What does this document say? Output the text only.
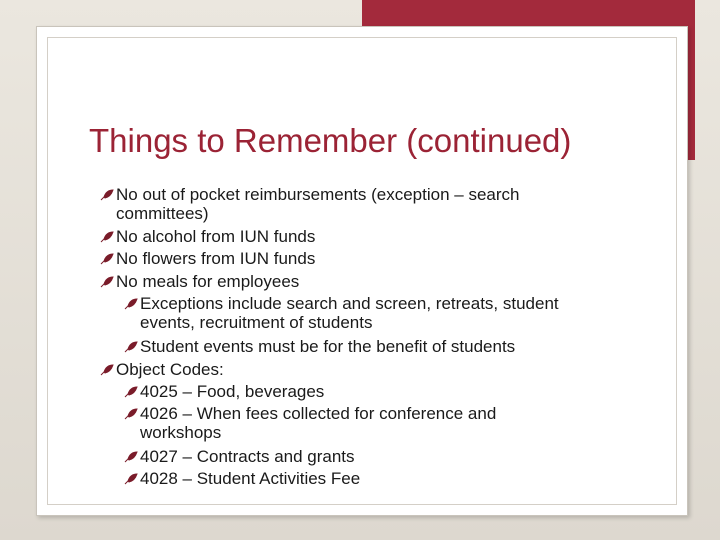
Things to Remember (continued)
No out of pocket reimbursements (exception – search
committees)
No alcohol from IUN funds
No flowers from IUN funds
No meals for employees
Exceptions include search and screen, retreats, student
events, recruitment of students
Student events must be for the benefit of students
Object Codes:
4025 – Food, beverages
4026 – When fees collected for conference and
workshops
4027 – Contracts and grants
4028 – Student Activities Fee
